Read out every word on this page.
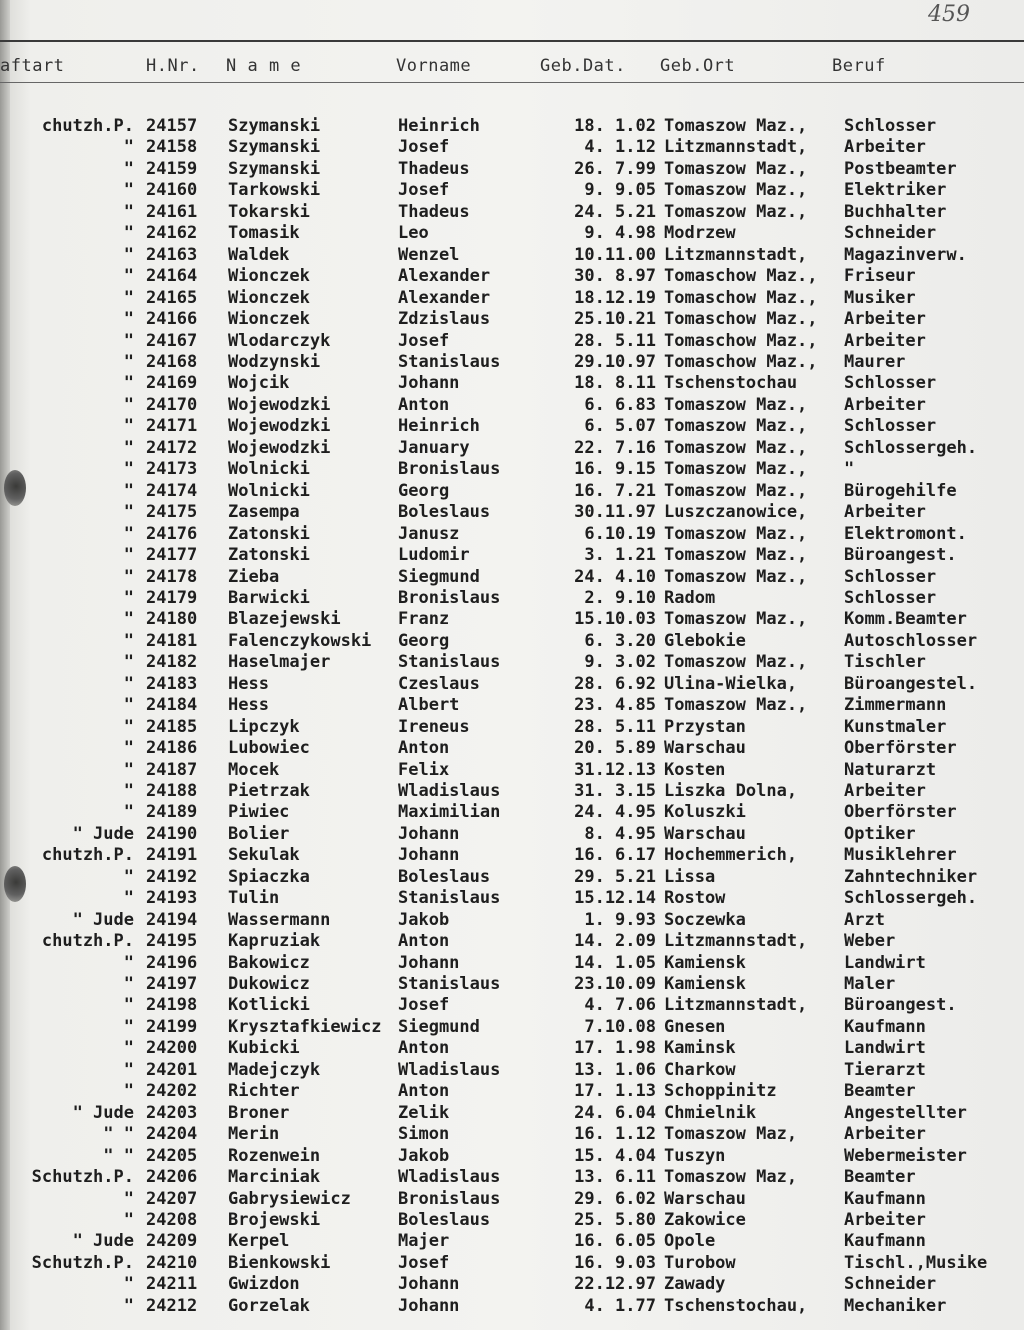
459
aftart	H.Nr. N a m e	Vorname	Geb.Dat. Geb.Ort	Beruf
chutzh.P. 24157 Szymanski	Heinrich	18. 1.02 Tomaszow Maz., Schlosser
" 24158 Szymanski	Josef	4. 1.12 Litzmannstadt, Arbeiter
" 24159 Szymanski	Thadeus	26. 7.99 Tomaszow Maz., Postbeamter
" 24160 Tarkowski	Josef	9. 9.05 Tomaszow Maz., Elektriker
" 24161 Tokarski	Thadeus	24. 5.21 Tomaszow Maz., Buchhalter
" 24162 Tomasik	Leo	9. 4.98 Modrzew	Schneider
" 24163 Waldek	Wenzel	10.11.00 Litzmannstadt, Magazinverw.
" 24164 Wionczek	Alexander	30. 8.97 Tomaschow Maz., Friseur
" 24165 Wionczek	Alexander	18.12.19 Tomaschow Maz., Musiker
" 24166 Wionczek	Zdzislaus	25.10.21 Tomaschow Maz., Arbeiter
" 24167 Wlodarczyk	Josef	28. 5.11 Tomaschow Maz., Arbeiter
" 24168 Wodzynski	Stanislaus	29.10.97 Tomaschow Maz., Maurer
" 24169 Wojcik	Johann	18. 8.11 Tschenstochau	Schlosser
" 24170 Wojewodzki	Anton	6. 6.83 Tomaszow Maz., Arbeiter
" 24171 Wojewodzki	Heinrich	6. 5.07 Tomaszow Maz., Schlosser
" 24172 Wojewodzki	January	22. 7.16 Tomaszow Maz., Schlossergeh.
" 24173 Wolnicki	Bronislaus	16. 9.15 Tomaszow Maz., "
" 24174 Wolnicki	Georg	16. 7.21 Tomaszow Maz., Bürogehilfe
" 24175 Zasempa	Boleslaus	30.11.97 Luszczanowice, Arbeiter
" 24176 Zatonski	Janusz	6.10.19 Tomaszow Maz., Elektromont.
" 24177 Zatonski	Ludomir	3. 1.21 Tomaszow Maz., Büroangest.
" 24178 Zieba	Siegmund	24. 4.10 Tomaszow Maz., Schlosser
" 24179 Barwicki	Bronislaus	2. 9.10 Radom	Schlosser
" 24180 Blazejewski	Franz	15.10.03 Tomaszow Maz., Komm.Beamter
" 24181 Falenczykowski Georg	6. 3.20 Glebokie	Autoschlosser
" 24182 Haselmajer	Stanislaus	9. 3.02 Tomaszow Maz., Tischler
" 24183 Hess	Czeslaus	28. 6.92 Ulina-Wielka,	Büroangestel.
" 24184 Hess	Albert	23. 4.85 Tomaszow Maz., Zimmermann
" 24185 Lipczyk	Ireneus	28. 5.11 Przystan	Kunstmaler
" 24186 Lubowiec	Anton	20. 5.89 Warschau	Oberförster
" 24187 Mocek	Felix	31.12.13 Kosten	Naturarzt
" 24188 Pietrzak	Wladislaus	31. 3.15 Liszka Dolna,	Arbeiter
" 24189 Piwiec	Maximilian	24. 4.95 Koluszki	Oberförster
" Jude 24190 Bolier	Johann	8. 4.95 Warschau	Optiker
chutzh.P. 24191 Sekulak	Johann	16. 6.17 Hochemmerich,	Musiklehrer
" 24192 Spiaczka	Boleslaus	29. 5.21 Lissa	Zahntechniker
" 24193 Tulin	Stanislaus	15.12.14 Rostow	Schlossergeh.
" Jude 24194 Wassermann	Jakob	1. 9.93 Soczewka	Arzt
chutzh.P. 24195 Kapruziak	Anton	14. 2.09 Litzmannstadt, Weber
" 24196 Bakowicz	Johann	14. 1.05 Kamiensk	Landwirt
" 24197 Dukowicz	Stanislaus	23.10.09 Kamiensk	Maler
" 24198 Kotlicki	Josef	4. 7.06 Litzmannstadt, Büroangest.
" 24199 Krysztafkiewicz Siegmund	7.10.08 Gnesen	Kaufmann
" 24200 Kubicki	Anton	17. 1.98 Kaminsk	Landwirt
" 24201 Madejczyk	Wladislaus	13. 1.06 Charkow	Tierarzt
" 24202 Richter	Anton	17. 1.13 Schoppinitz	Beamter
" Jude 24203 Broner	Zelik	24. 6.04 Chmielnik	Angestellter
" " 24204 Merin	Simon	16. 1.12 Tomaszow Maz,	Arbeiter
" " 24205 Rozenwein	Jakob	15. 4.04 Tuszyn	Webermeister
Schutzh.P. 24206 Marciniak	Wladislaus	13. 6.11 Tomaszow Maz,	Beamter
" 24207 Gabrysiewicz	Bronislaus	29. 6.02 Warschau	Kaufmann
" 24208 Brojewski	Boleslaus	25. 5.80 Zakowice	Arbeiter
" Jude 24209 Kerpel	Majer	16. 6.05 Opole	Kaufmann
Schutzh.P. 24210 Bienkowski	Josef	16. 9.03 Turobow	Tischl.,Musike
" 24211 Gwizdon	Johann	22.12.97 Zawady	Schneider
" 24212 Gorzelak	Johann	4. 1.77 Tschenstochau, Mechaniker
